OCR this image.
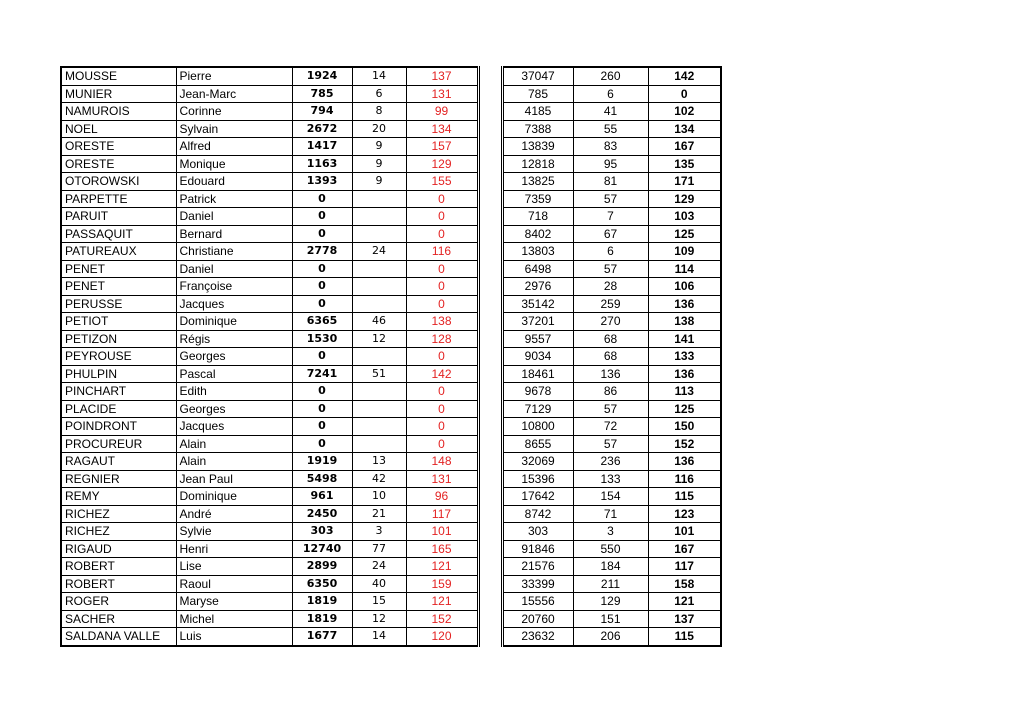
MOUSSE	Pierre	1924	14	137		37047	260	142
MUNIER	Jean-Marc	785	6	131		785	6	0
NAMUROIS	Corinne	794	8	99		4185	41	102
NOEL	Sylvain	2672	20	134		7388	55	134
ORESTE	Alfred	1417	9	157		13839	83	167
ORESTE	Monique	1163	9	129		12818	95	135
OTOROWSKI	Edouard	1393	9	155		13825	81	171
PARPETTE	Patrick	0		0		7359	57	129
PARUIT	Daniel	0		0		718	7	103
PASSAQUIT	Bernard	0		0		8402	67	125
PATUREAUX	Christiane	2778	24	116		13803	6	109
PENET	Daniel	0		0		6498	57	114
PENET	Françoise	0		0		2976	28	106
PERUSSE	Jacques	0		0		35142	259	136
PETIOT	Dominique	6365	46	138		37201	270	138
PETIZON	Régis	1530	12	128		9557	68	141
PEYROUSE	Georges	0		0		9034	68	133
PHULPIN	Pascal	7241	51	142		18461	136	136
PINCHART	Edith	0		0		9678	86	113
PLACIDE	Georges	0		0		7129	57	125
POINDRONT	Jacques	0		0		10800	72	150
PROCUREUR	Alain	0		0		8655	57	152
RAGAUT	Alain	1919	13	148		32069	236	136
REGNIER	Jean Paul	5498	42	131		15396	133	116
REMY	Dominique	961	10	96		17642	154	115
RICHEZ	André	2450	21	117		8742	71	123
RICHEZ	Sylvie	303	3	101		303	3	101
RIGAUD	Henri	12740	77	165		91846	550	167
ROBERT	Lise	2899	24	121		21576	184	117
ROBERT	Raoul	6350	40	159		33399	211	158
ROGER	Maryse	1819	15	121		15556	129	121
SACHER	Michel	1819	12	152		20760	151	137
SALDANA VALLE	Luis	1677	14	120		23632	206	115
